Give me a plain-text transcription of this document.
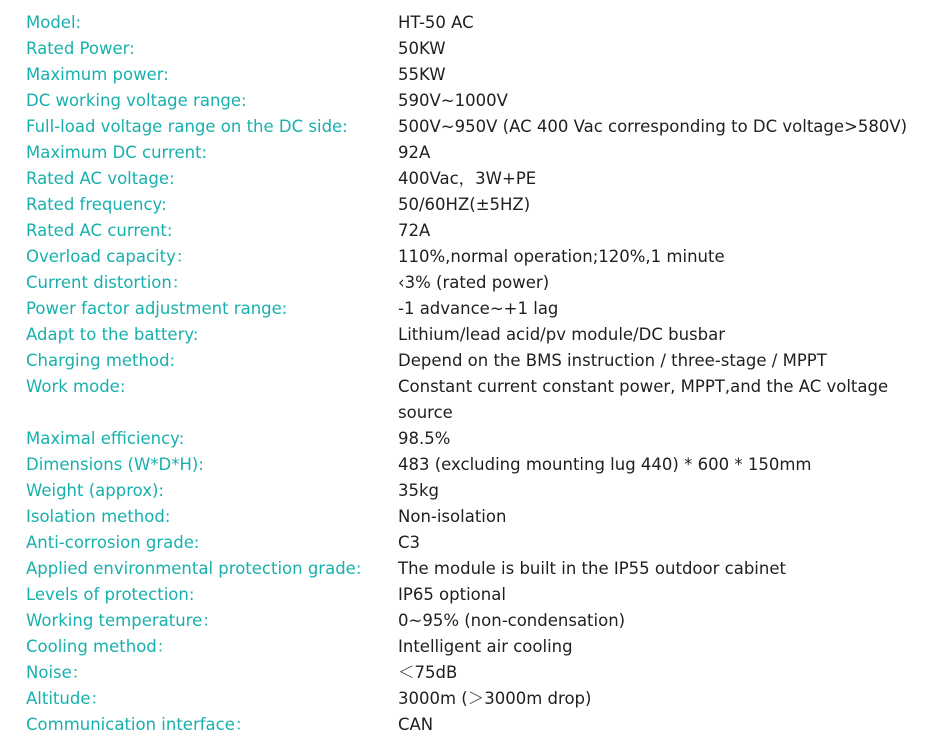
Model:	HT-50 AC
Rated Power:	50KW
Maximum power:	55KW
DC working voltage range:	590V~1000V
Full-load voltage range on the DC side:	500V~950V (AC 400 Vac corresponding to DC voltage>580V)
Maximum DC current:	92A
Rated AC voltage:	400Vac，3W+PE
Rated frequency:	50/60HZ(±5HZ)
Rated AC current:	72A
Overload capacity：	110%,normal operation;120%,1 minute
Current distortion：	‹3% (rated power)
Power factor adjustment range:	-1 advance~+1 lag
Adapt to the battery:	Lithium/lead acid/pv module/DC busbar
Charging method:	Depend on the BMS instruction / three-stage / MPPT
Work mode:	Constant current constant power, MPPT,and the AC voltage source
Maximal efficiency:	98.5%
Dimensions (W*D*H):	483 (excluding mounting lug 440) * 600 * 150mm
Weight (approx):	35kg
Isolation method:	Non-isolation
Anti-corrosion grade:	C3
Applied environmental protection grade:	The module is built in the IP55 outdoor cabinet
Levels of protection:	IP65 optional
Working temperature：	0~95% (non-condensation)
Cooling method：	Intelligent air cooling
Noise：	＜75dB
Altitude：	3000m (＞3000m drop)
Communication interface：	CAN
